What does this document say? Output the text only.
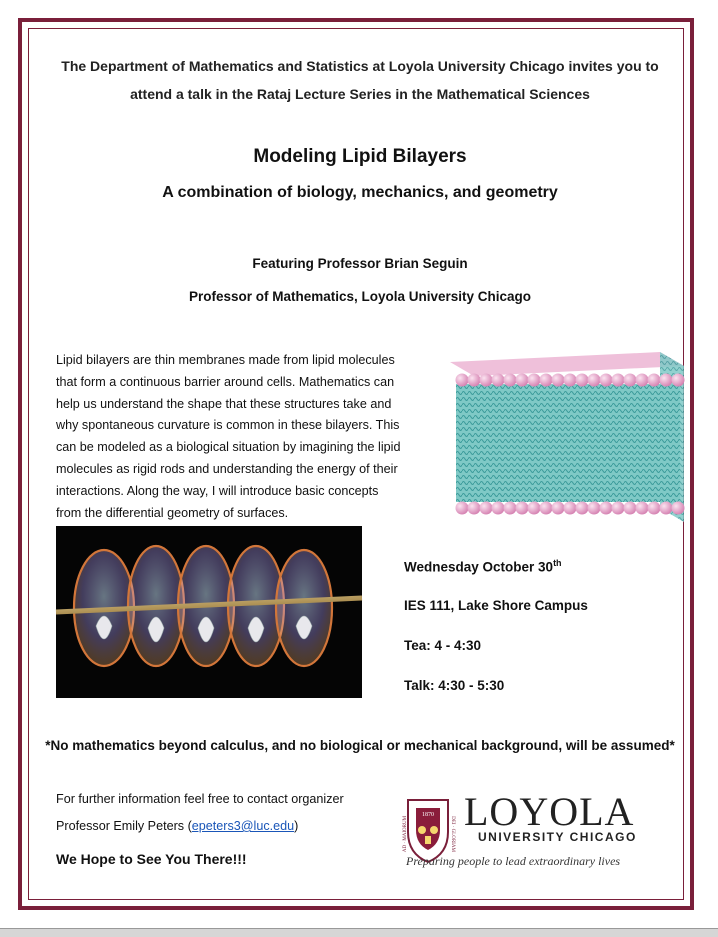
The Department of Mathematics and Statistics at Loyola University Chicago invites you to
attend a talk in the Rataj Lecture Series in the Mathematical Sciences
Modeling Lipid Bilayers
A combination of biology, mechanics, and geometry
Featuring Professor Brian Seguin
Professor of Mathematics, Loyola University Chicago
Lipid bilayers are thin membranes made from lipid molecules
that form a continuous barrier around cells. Mathematics can
help us understand the shape that these structures take and
why spontaneous curvature is common in these bilayers. This
can be modeled as a biological situation by imagining the lipid
molecules as rigid rods and understanding the energy of their
interactions. Along the way, I will introduce basic concepts
from the differential geometry of surfaces.
Wednesday October 30th
IES 111, Lake Shore Campus
Tea: 4 - 4:30
Talk: 4:30 - 5:30
*No mathematics beyond calculus, and no biological or mechanical background, will be assumed*
For further information feel free to contact organizer
Professor Emily Peters (epeters3@luc.edu)
We Hope to See You There!!!
1870
AD · MAIORUM	DEI · GLORIAM LOYOLA
UNIVERSITY CHICAGO
Preparing people to lead extraordinary lives
